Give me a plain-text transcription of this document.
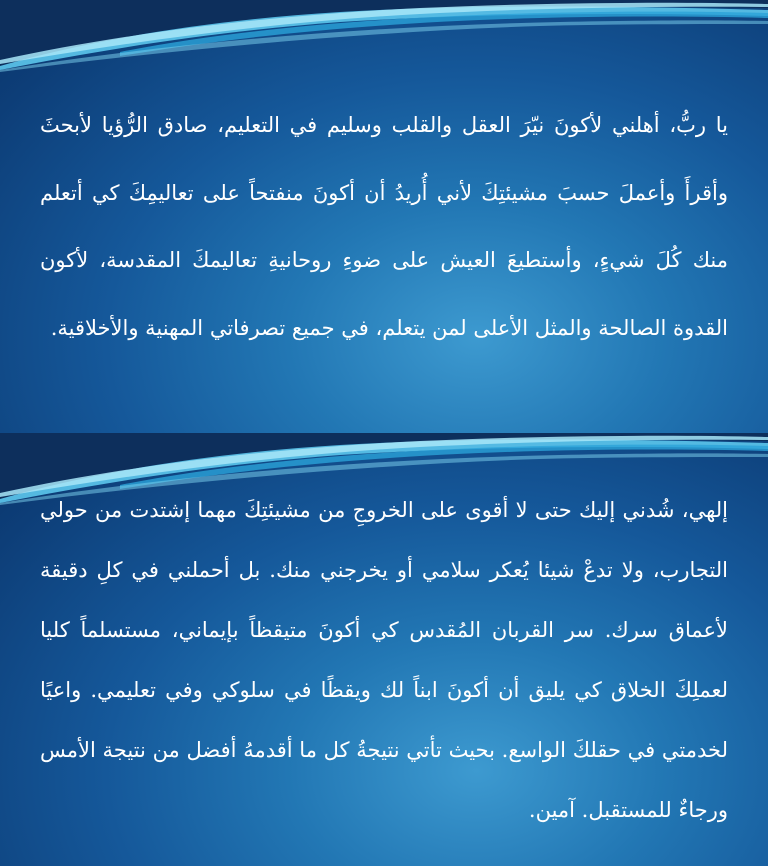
يا ربُّ، أهلني لأكونَ نيّرَ العقل والقلب وسليم في التعليم، صادق الرُّؤيا لأبحثَ وأقرأَ وأعملَ حسبَ مشيئتِكَ لأني أُريدُ أن أكونَ منفتحاً على تعاليمِكَ كي أتعلم منك كُلَ شيءٍ، وأستطيعَ العيش على ضوءِ روحانيةِ تعاليمكَ المقدسة، لأكون القدوة الصالحة والمثل الأعلى لمن يتعلم، في جميع تصرفاتي المهنية والأخلاقية.
إلهي، شُدني إليك حتى لا أقوى على الخروجِ من مشيئتِكَ مهما إشتدت من حولي التجارب، ولا تدعْ شيئا يُعكر سلامي أو يخرجني منك. بل أحملني في كلِ دقيقة لأعماق سرك. سر القربان المُقدس كي أكونَ متيقظاً بإيماني، مستسلماً كليا لعملِكَ الخلاق كي يليق أن أكونَ ابناً لك ويقظًا في سلوكي وفي تعليمي. واعيًا لخدمتي في حقلكَ الواسع. بحيث تأتي نتيجةُ كل ما أقدمهُ أفضل من نتيجة الأمس ورجاءٌ للمستقبل. آمين.
